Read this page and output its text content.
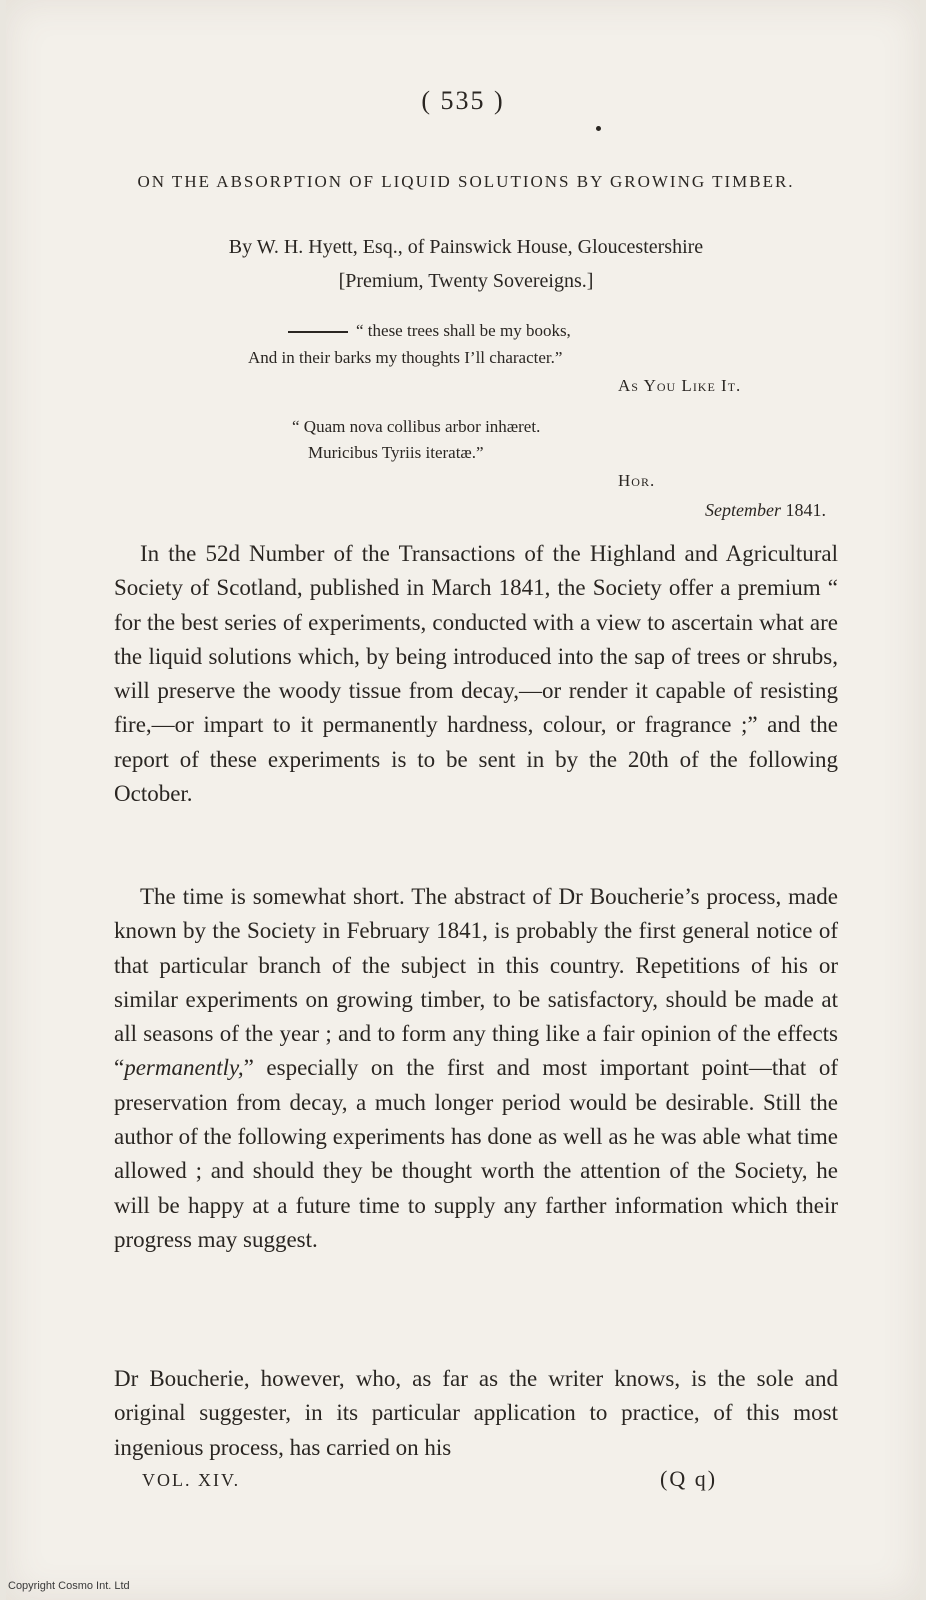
( 535 )
ON THE ABSORPTION OF LIQUID SOLUTIONS BY GROWING TIMBER.
By W. H. Hyett, Esq., of Painswick House, Gloucestershire
[Premium, Twenty Sovereigns.]
“ these trees shall be my books,
And in their barks my thoughts I’ll character.”
As You Like It.
“ Quam nova collibus arbor inhæret.
Muricibus Tyriis iteratæ.”
Hor.
September 1841.
In the 52d Number of the Transactions of the Highland and Agricultural Society of Scotland, published in March 1841, the Society offer a premium “ for the best series of experiments, conducted with a view to ascertain what are the liquid solutions which, by being introduced into the sap of trees or shrubs, will preserve the woody tissue from decay,—or render it capable of resisting fire,—or impart to it permanently hardness, colour, or fragrance ;” and the report of these experiments is to be sent in by the 20th of the following October.
The time is somewhat short. The abstract of Dr Boucherie’s process, made known by the Society in February 1841, is probably the first general notice of that particular branch of the subject in this country. Repetitions of his or similar experiments on growing timber, to be satisfactory, should be made at all seasons of the year ; and to form any thing like a fair opinion of the effects “permanently,” especially on the first and most important point—that of preservation from decay, a much longer period would be desirable. Still the author of the following experiments has done as well as he was able what time allowed ; and should they be thought worth the attention of the Society, he will be happy at a future time to supply any farther information which their progress may suggest.
Dr Boucherie, however, who, as far as the writer knows, is the sole and original suggester, in its particular application to practice, of this most ingenious process, has carried on his
VOL. XIV.	(Q q)
Copyright Cosmo Int. Ltd
